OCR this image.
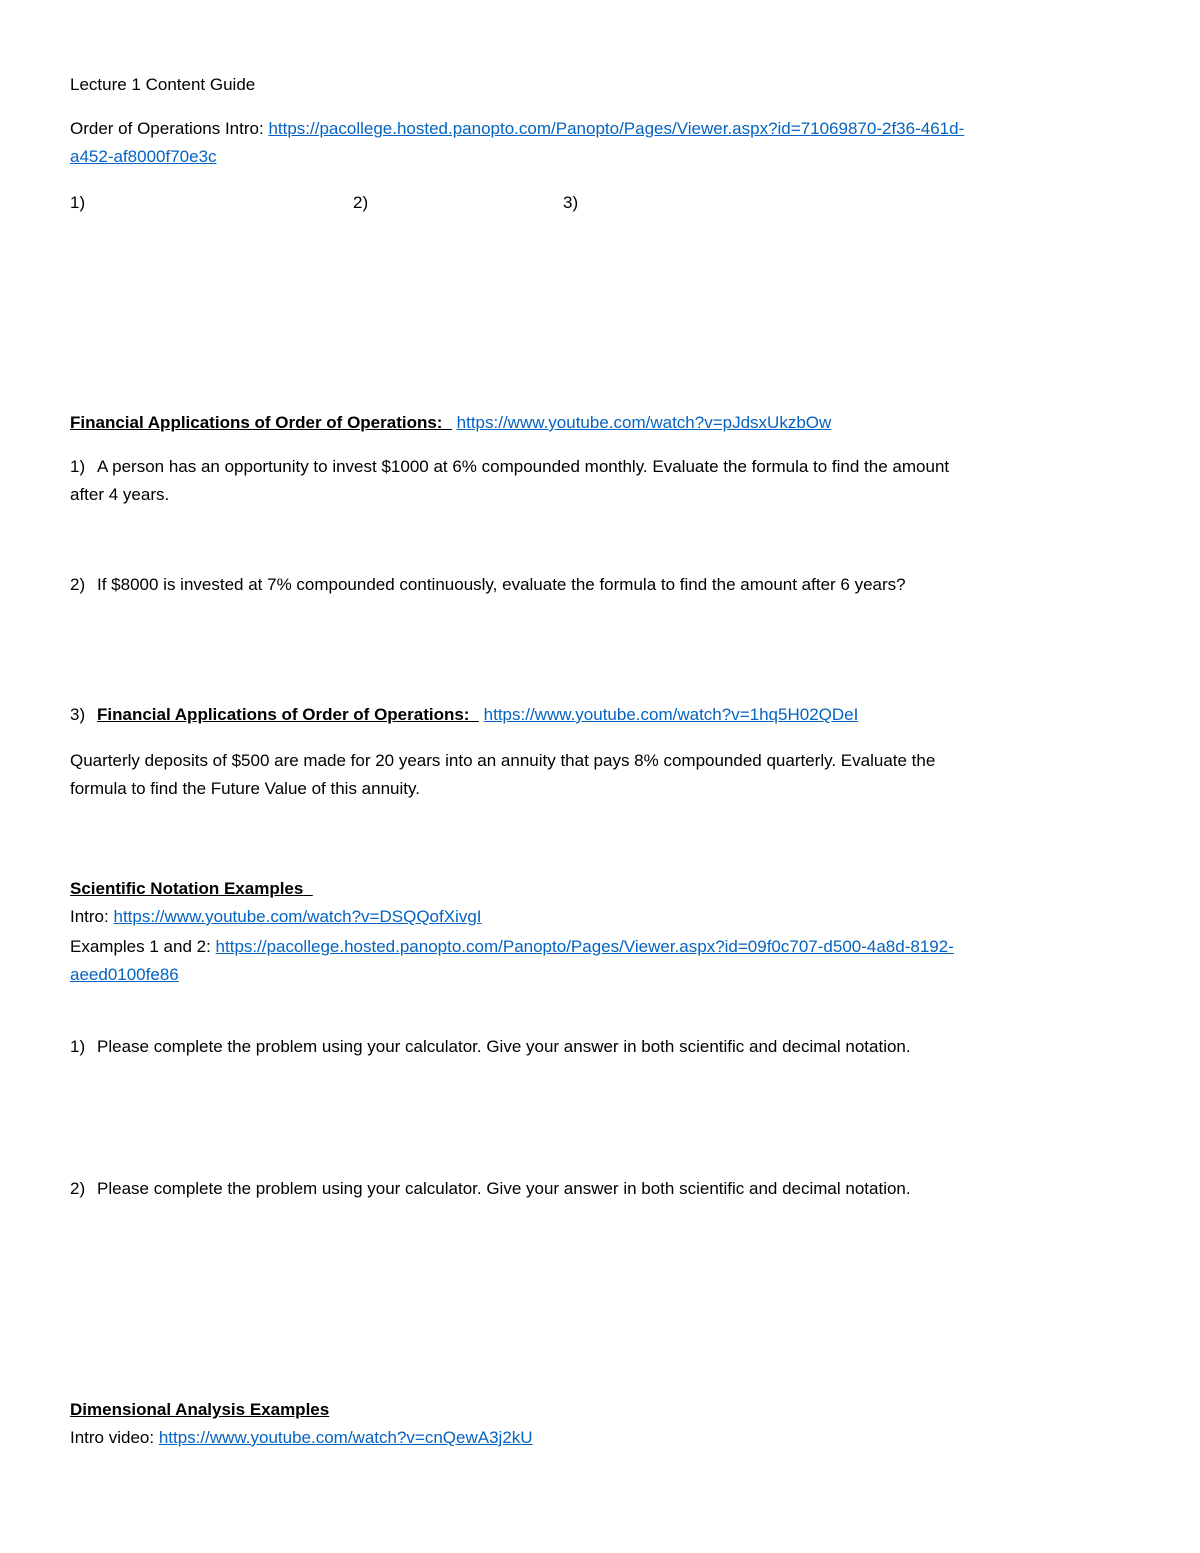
Lecture 1 Content Guide
Order of Operations Intro: https://pacollege.hosted.panopto.com/Panopto/Pages/Viewer.aspx?id=71069870-2f36-461d-
a452-af8000f70e3c
1)	2)	3)
Financial Applications of Order of Operations: https://www.youtube.com/watch?v=pJdsxUkzbOw
1) A person has an opportunity to invest $1000 at 6% compounded monthly. Evaluate the formula to find the amount
after 4 years.
2) If $8000 is invested at 7% compounded continuously, evaluate the formula to find the amount after 6 years?
3) Financial Applications of Order of Operations: https://www.youtube.com/watch?v=1hq5H02QDeI
Quarterly deposits of $500 are made for 20 years into an annuity that pays 8% compounded quarterly. Evaluate the
formula to find the Future Value of this annuity.
Scientific Notation Examples
Intro: https://www.youtube.com/watch?v=DSQQofXivgI
Examples 1 and 2: https://pacollege.hosted.panopto.com/Panopto/Pages/Viewer.aspx?id=09f0c707-d500-4a8d-8192-
aeed0100fe86
1) Please complete the problem using your calculator. Give your answer in both scientific and decimal notation.
2) Please complete the problem using your calculator. Give your answer in both scientific and decimal notation.
Dimensional Analysis Examples
Intro video: https://www.youtube.com/watch?v=cnQewA3j2kU
